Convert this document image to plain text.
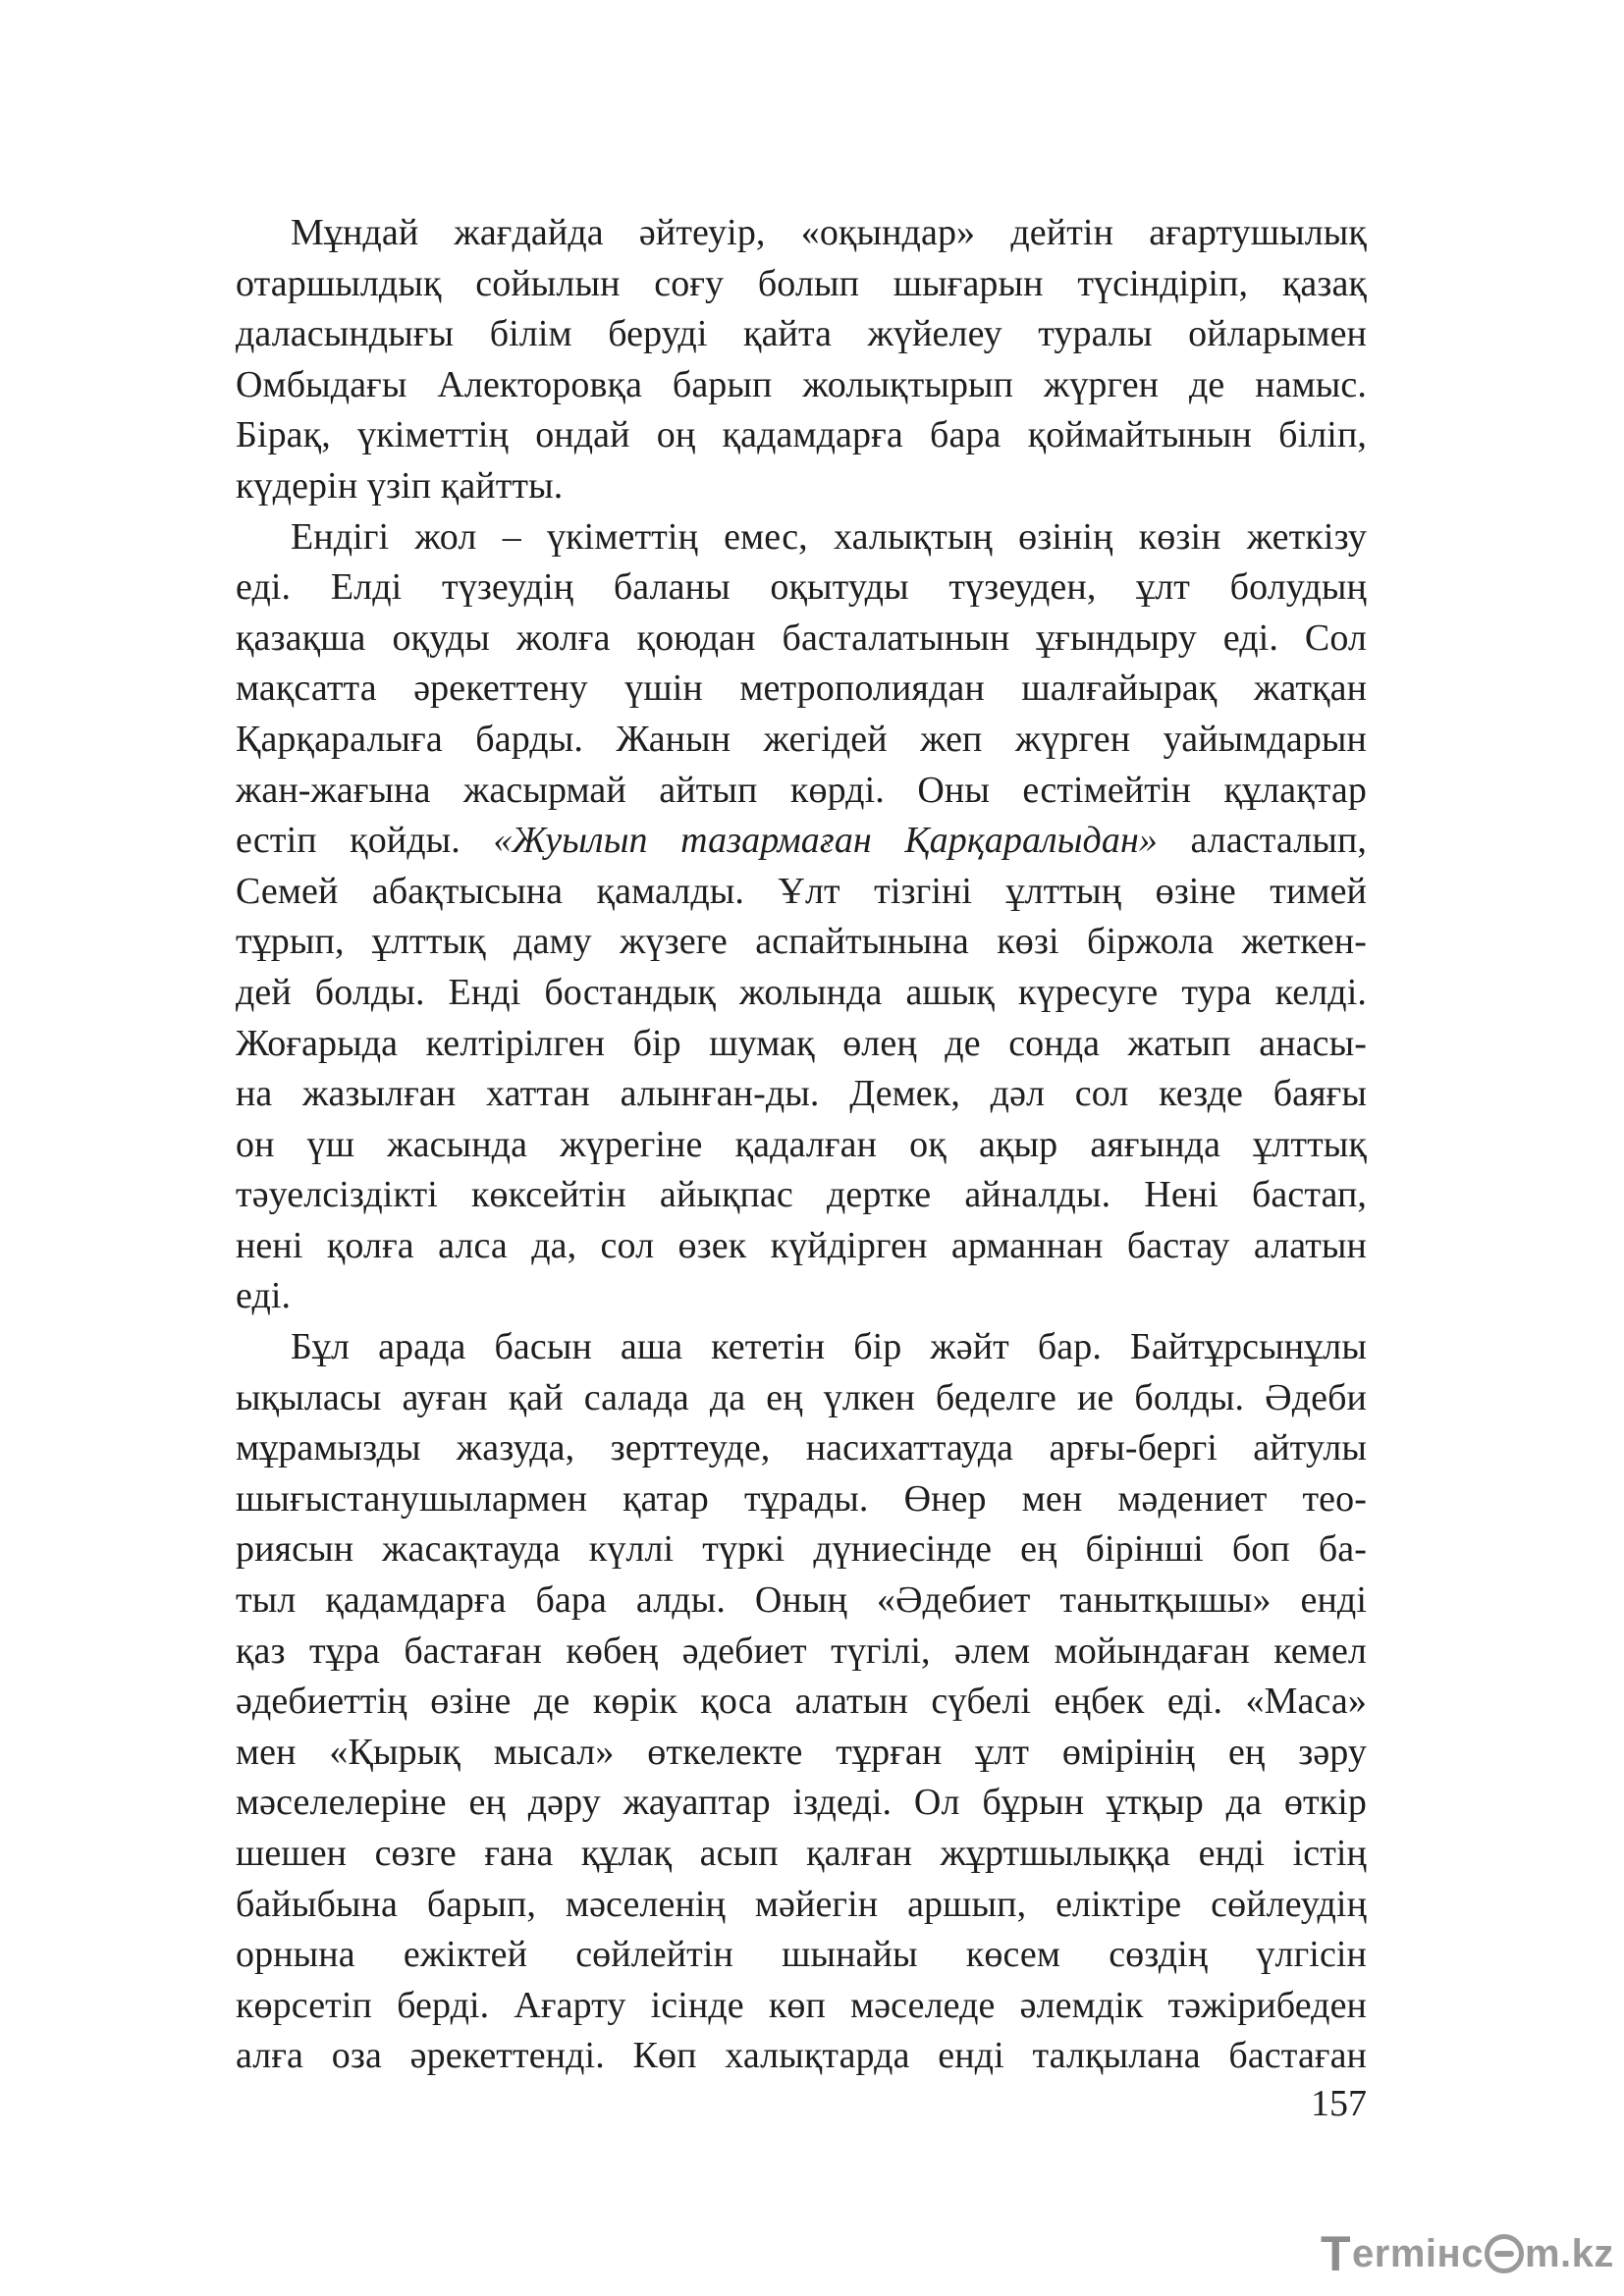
Мұндай жағдайда әйтеуір, «оқындар» дейтін ағартушылық
отаршылдық сойылын соғу болып шығарын түсіндіріп, қазақ
даласындығы білім беруді қайта жүйелеу туралы ойларымен
Омбыдағы Алекторовқа барып жолықтырып жүрген де намыс.
Бірақ, үкіметтің ондай оң қадамдарға бара қоймайтынын біліп,
күдерін үзіп қайтты.
Ендігі жол – үкіметтің емес, халықтың өзінің көзін жеткізу
еді. Елді түзеудің баланы оқытуды түзеуден, ұлт болудың
қазақша оқуды жолға қоюдан басталатынын ұғындыру еді. Сол
мақсатта әрекеттену үшін метрополиядан шалғайырақ жатқан
Қарқаралыға барды. Жанын жегідей жеп жүрген уайымдарын
жан-жағына жасырмай айтып көрді. Оны естімейтін құлақтар
естіп қойды. «Жуылып тазармаған Қарқаралыдан» аласталып,
Семей абақтысына қамалды. Ұлт тізгіні ұлттың өзіне тимей
тұрып, ұлттық даму жүзеге аспайтынына көзі біржола жеткен-
дей болды. Енді бостандық жолында ашық күресуге тура келді.
Жоғарыда келтірілген бір шумақ өлең де сонда жатып анасы-
на жазылған хаттан алынған-ды. Демек, дәл сол кезде баяғы
он үш жасында жүрегіне қадалған оқ ақыр аяғында ұлттық
тәуелсіздікті көксейтін айықпас дертке айналды. Нені бастап,
нені қолға алса да, сол өзек күйдірген арманнан бастау алатын
еді.
Бұл арада басын аша кететін бір жәйт бар. Байтұрсынұлы
ықыласы ауған қай салада да ең үлкен беделге ие болды. Әдеби
мұрамызды жазуда, зерттеуде, насихаттауда арғы-бергі айтулы
шығыстанушылармен қатар тұрады. Өнер мен мәдениет тео-
риясын жасақтауда күллі түркі дүниесінде ең бірінші боп ба-
тыл қадамдарға бара алды. Оның «Әдебиет танытқышы» енді
қаз тұра бастаған көбең әдебиет түгілі, әлем мойындаған кемел
әдебиеттің өзіне де көрік қоса алатын сүбелі еңбек еді. «Маса»
мен «Қырық мысал» өткелекте тұрған ұлт өмірінің ең зәру
мәселелеріне ең дәру жауаптар іздеді. Ол бұрын ұтқыр да өткір
шешен сөзге ғана құлақ асып қалған жұртшылыққа енді істің
байыбына барып, мәселенің мәйегін аршып, еліктіре сөйлеудің
орнына ежіктей сөйлейтін шынайы көсем сөздің үлгісін
көрсетіп берді. Ағарту ісінде көп мәселеде әлемдік тәжірибеден
алға оза әрекеттенді. Көп халықтарда енді талқылана бастаған
157
T ermінc m.kz
